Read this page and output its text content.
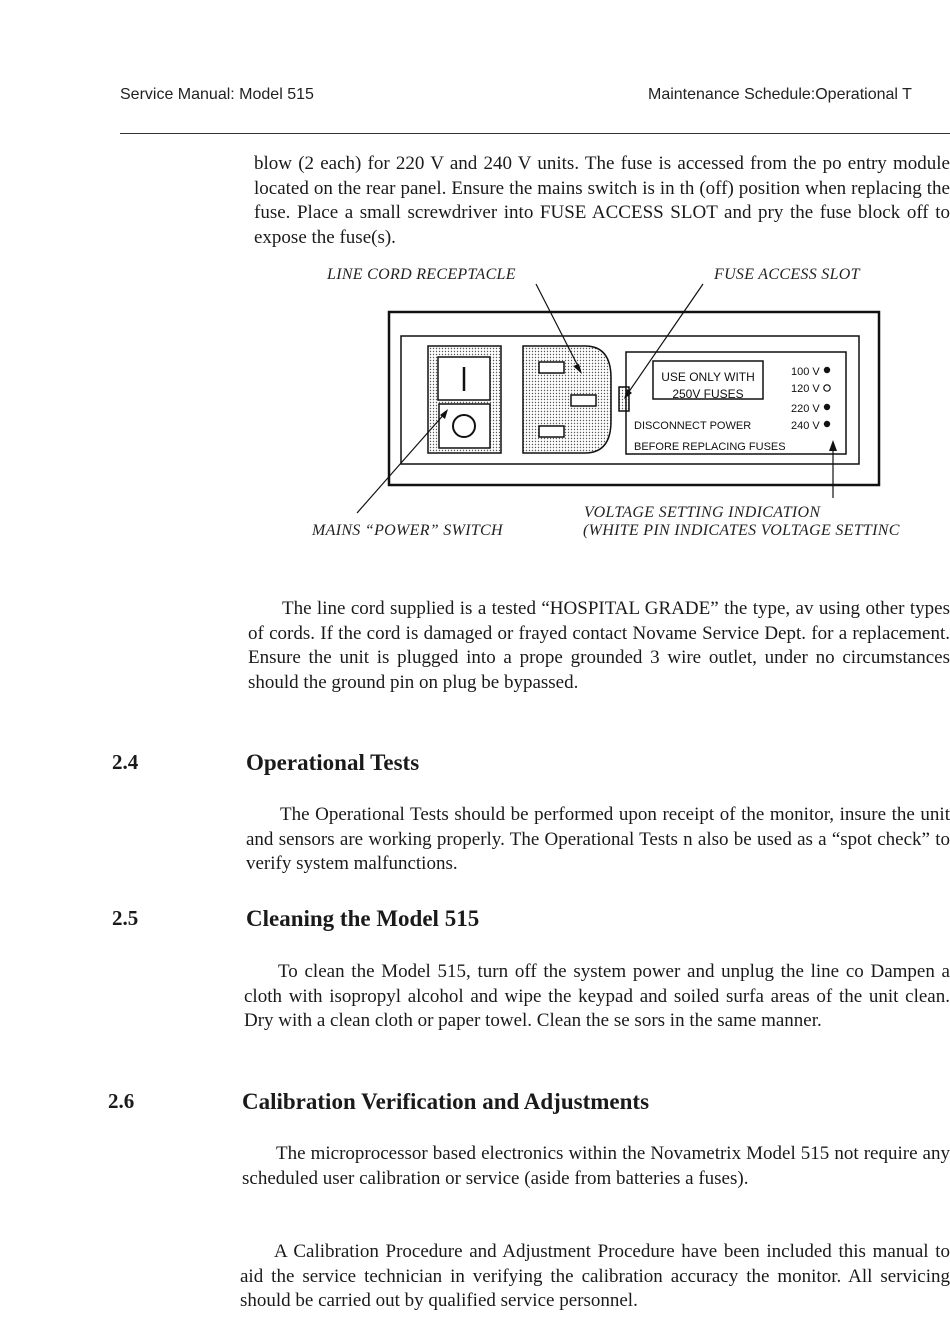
Service Manual: Model 515	Maintenance Schedule:Operational T

blow (2 each) for 220 V and 240 V units. The fuse is accessed from the po entry module located on the rear panel. Ensure the mains switch is in th (off) position when replacing the fuse. Place a small screwdriver into FUSE ACCESS SLOT and pry the fuse block off to expose the fuse(s).

LINE CORD RECEPTACLE	FUSE ACCESS SLOT
MAINS “POWER” SWITCH
VOLTAGE SETTING INDICATION
(WHITE PIN INDICATES VOLTAGE SETTINC
USE ONLY WITH
250V FUSES
100 V
120 V
220 V
DISCONNECT POWER	240 V
BEFORE REPLACING FUSES

The line cord supplied is a tested “HOSPITAL GRADE” the type, av using other types of cords. If the cord is damaged or frayed contact Novame Service Dept. for a replacement. Ensure the unit is plugged into a prope grounded 3 wire outlet, under no circumstances should the ground pin on plug be bypassed.

2.4	Operational Tests

The Operational Tests should be performed upon receipt of the monitor, insure the unit and sensors are working properly. The Operational Tests n also be used as a “spot check” to verify system malfunctions.

2.5	Cleaning the Model 515

To clean the Model 515, turn off the system power and unplug the line co Dampen a cloth with isopropyl alcohol and wipe the keypad and soiled surfa areas of the unit clean. Dry with a clean cloth or paper towel. Clean the se sors in the same manner.

2.6	Calibration Verification and Adjustments

The microprocessor based electronics within the Novametrix Model 515 not require any scheduled user calibration or service (aside from batteries a fuses).

A Calibration Procedure and Adjustment Procedure have been included this manual to aid the service technician in verifying the calibration accuracy the monitor. All servicing should be carried out by qualified service personnel.
